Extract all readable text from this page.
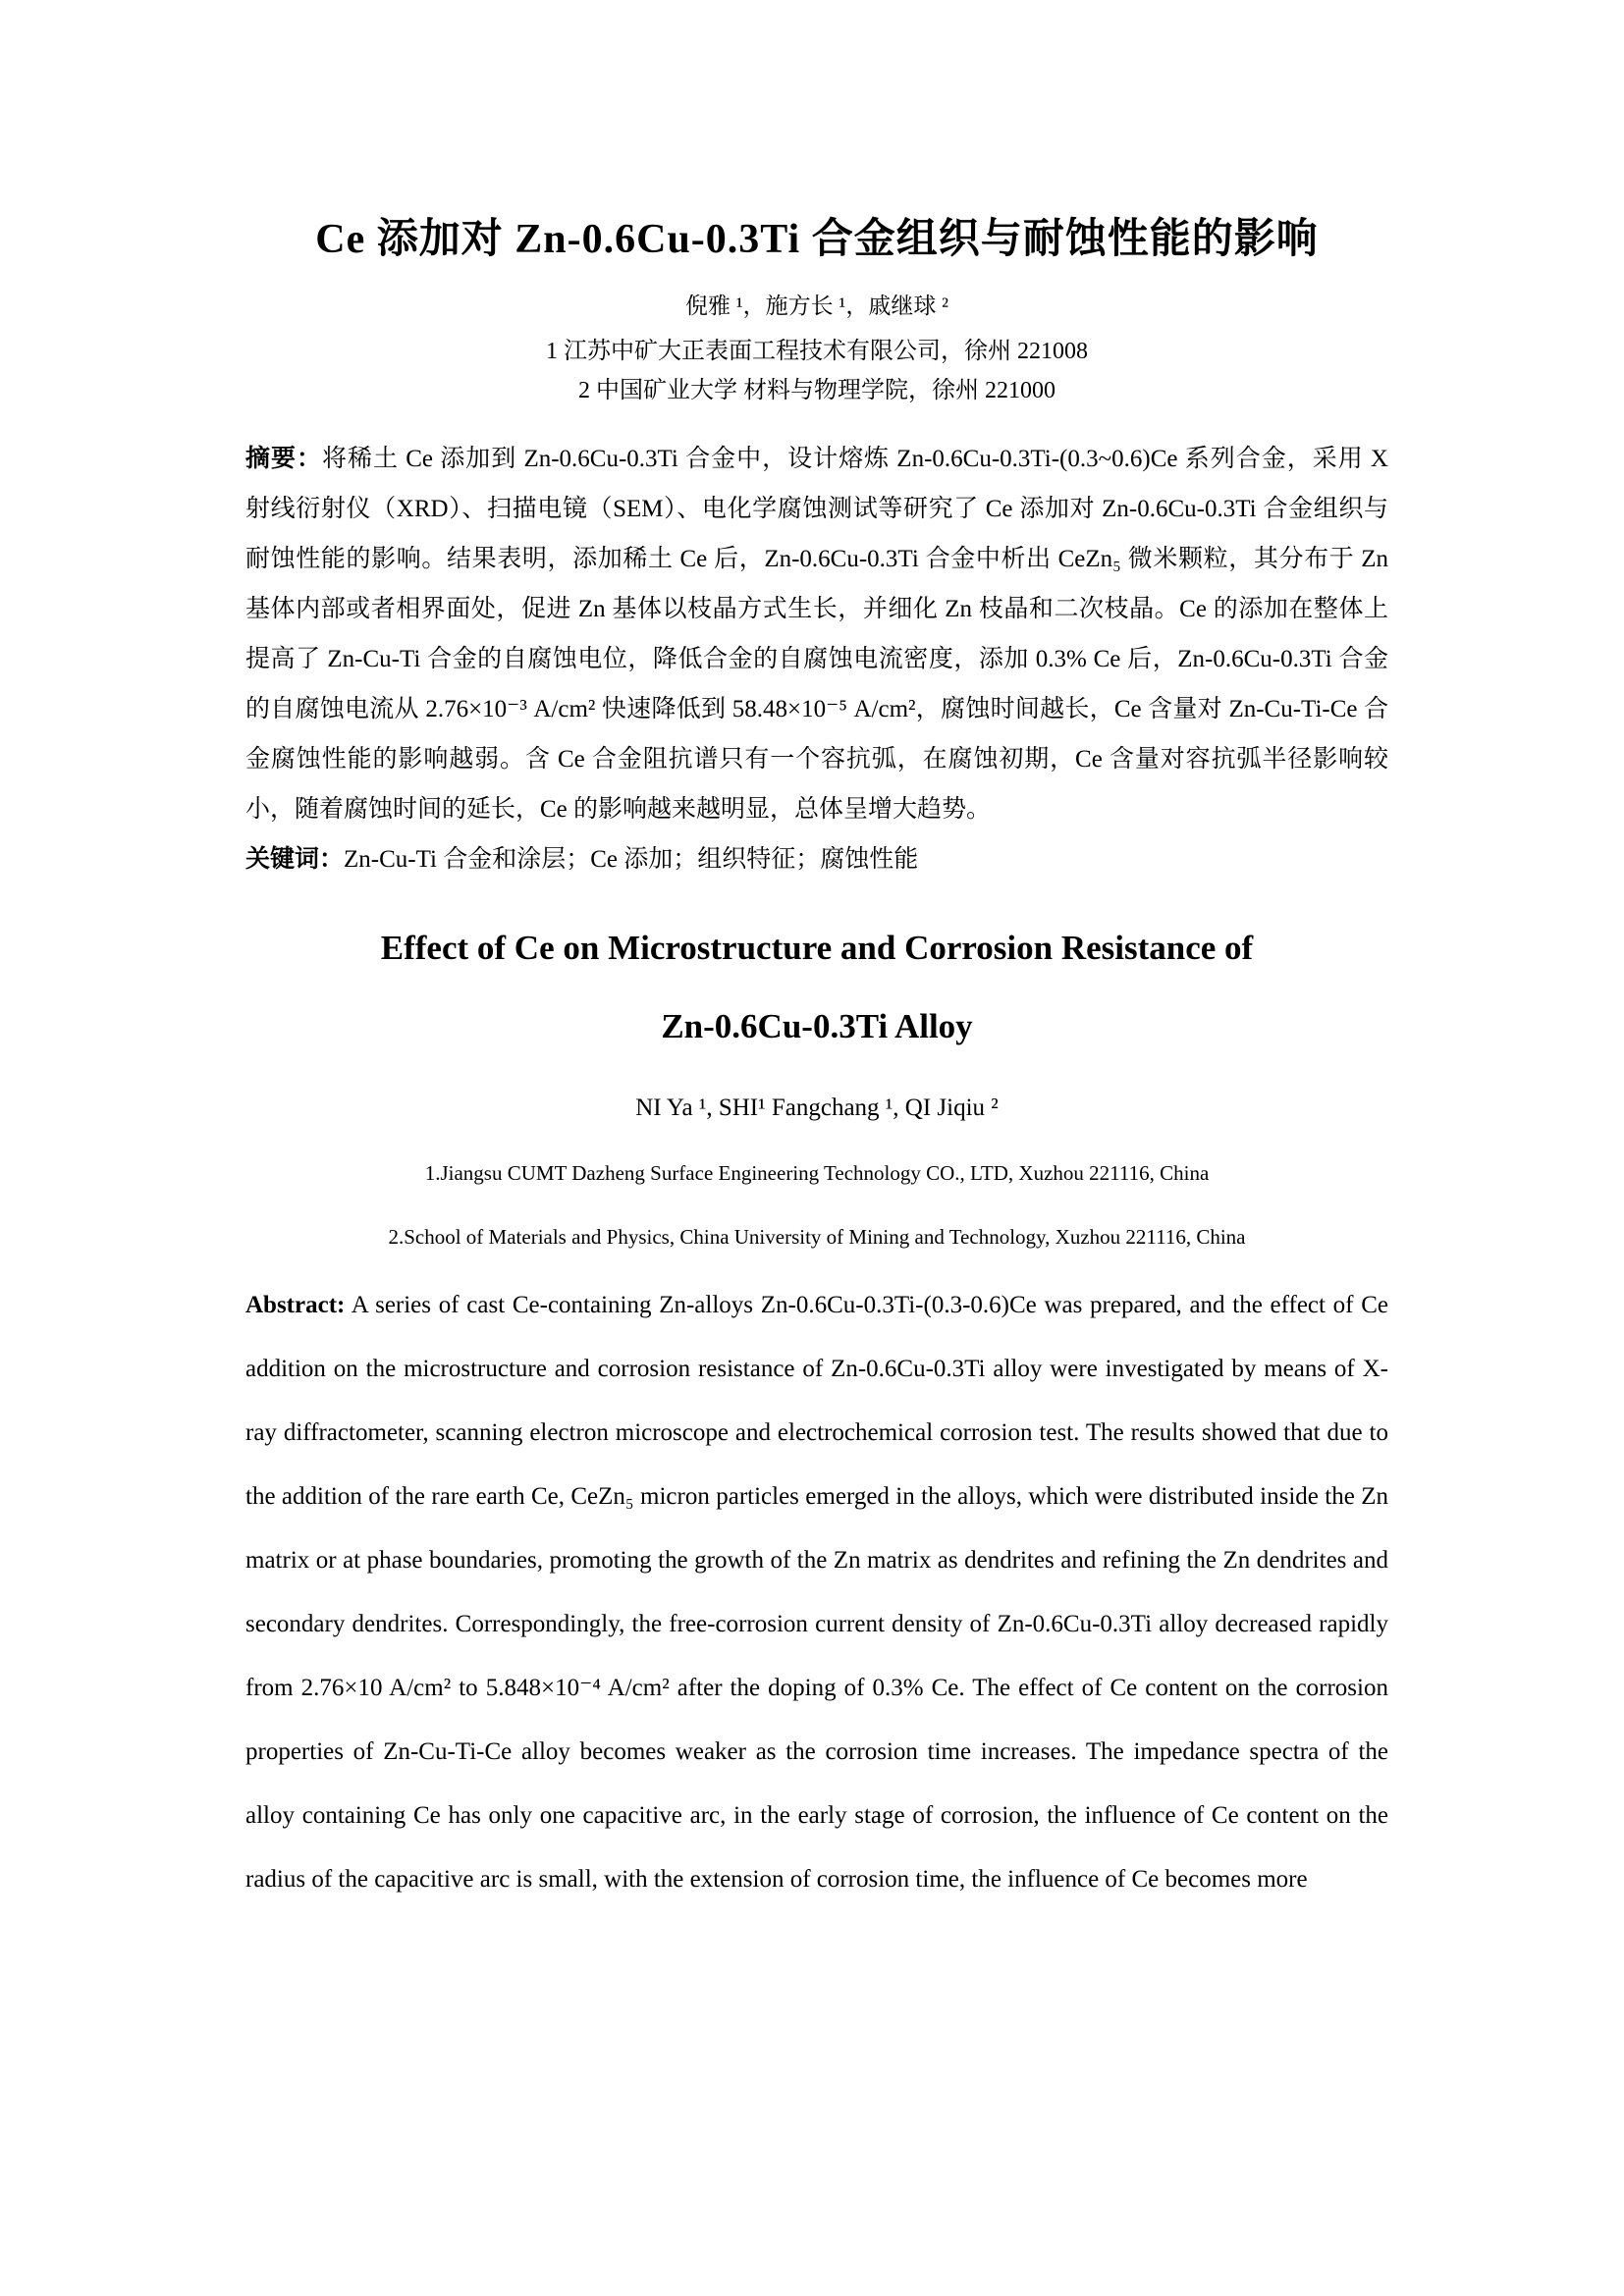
Ce 添加对 Zn-0.6Cu-0.3Ti 合金组织与耐蚀性能的影响
倪雅 ¹，施方长 ¹，戚继球 ²
1 江苏中矿大正表面工程技术有限公司，徐州 221008
2 中国矿业大学 材料与物理学院，徐州 221000

摘要：将稀土 Ce 添加到 Zn-0.6Cu-0.3Ti 合金中，设计熔炼 Zn-0.6Cu-0.3Ti-(0.3~0.6)Ce 系列合金，采用 X 射线衍射仪（XRD）、扫描电镜（SEM）、电化学腐蚀测试等研究了 Ce 添加对 Zn-0.6Cu-0.3Ti 合金组织与耐蚀性能的影响。结果表明，添加稀土 Ce 后，Zn-0.6Cu-0.3Ti 合金中析出 CeZn₅ 微米颗粒，其分布于 Zn 基体内部或者相界面处，促进 Zn 基体以枝晶方式生长，并细化 Zn 枝晶和二次枝晶。Ce 的添加在整体上提高了 Zn-Cu-Ti 合金的自腐蚀电位，降低合金的自腐蚀电流密度，添加 0.3% Ce 后，Zn-0.6Cu-0.3Ti 合金的自腐蚀电流从 2.76×10⁻³ A/cm² 快速降低到 58.48×10⁻⁵ A/cm²，腐蚀时间越长，Ce 含量对 Zn-Cu-Ti-Ce 合金腐蚀性能的影响越弱。含 Ce 合金阻抗谱只有一个容抗弧，在腐蚀初期，Ce 含量对容抗弧半径影响较小，随着腐蚀时间的延长，Ce 的影响越来越明显，总体呈增大趋势。

关键词：Zn-Cu-Ti 合金和涂层；Ce 添加；组织特征；腐蚀性能

Effect of Ce on Microstructure and Corrosion Resistance of
Zn-0.6Cu-0.3Ti Alloy
NI Ya ¹, SHI¹ Fangchang ¹, QI Jiqiu ²
1.Jiangsu CUMT Dazheng Surface Engineering Technology CO., LTD, Xuzhou 221116, China
2.School of Materials and Physics, China University of Mining and Technology, Xuzhou 221116, China

Abstract: A series of cast Ce-containing Zn-alloys Zn-0.6Cu-0.3Ti-(0.3-0.6)Ce was prepared, and the effect of Ce addition on the microstructure and corrosion resistance of Zn-0.6Cu-0.3Ti alloy were investigated by means of X-ray diffractometer, scanning electron microscope and electrochemical corrosion test. The results showed that due to the addition of the rare earth Ce, CeZn₅ micron particles emerged in the alloys, which were distributed inside the Zn matrix or at phase boundaries, promoting the growth of the Zn matrix as dendrites and refining the Zn dendrites and secondary dendrites. Correspondingly, the free-corrosion current density of Zn-0.6Cu-0.3Ti alloy decreased rapidly from 2.76×10 A/cm² to 5.848×10⁻⁴ A/cm² after the doping of 0.3% Ce. The effect of Ce content on the corrosion properties of Zn-Cu-Ti-Ce alloy becomes weaker as the corrosion time increases. The impedance spectra of the alloy containing Ce has only one capacitive arc, in the early stage of corrosion, the influence of Ce content on the radius of the capacitive arc is small, with the extension of corrosion time, the influence of Ce becomes more
